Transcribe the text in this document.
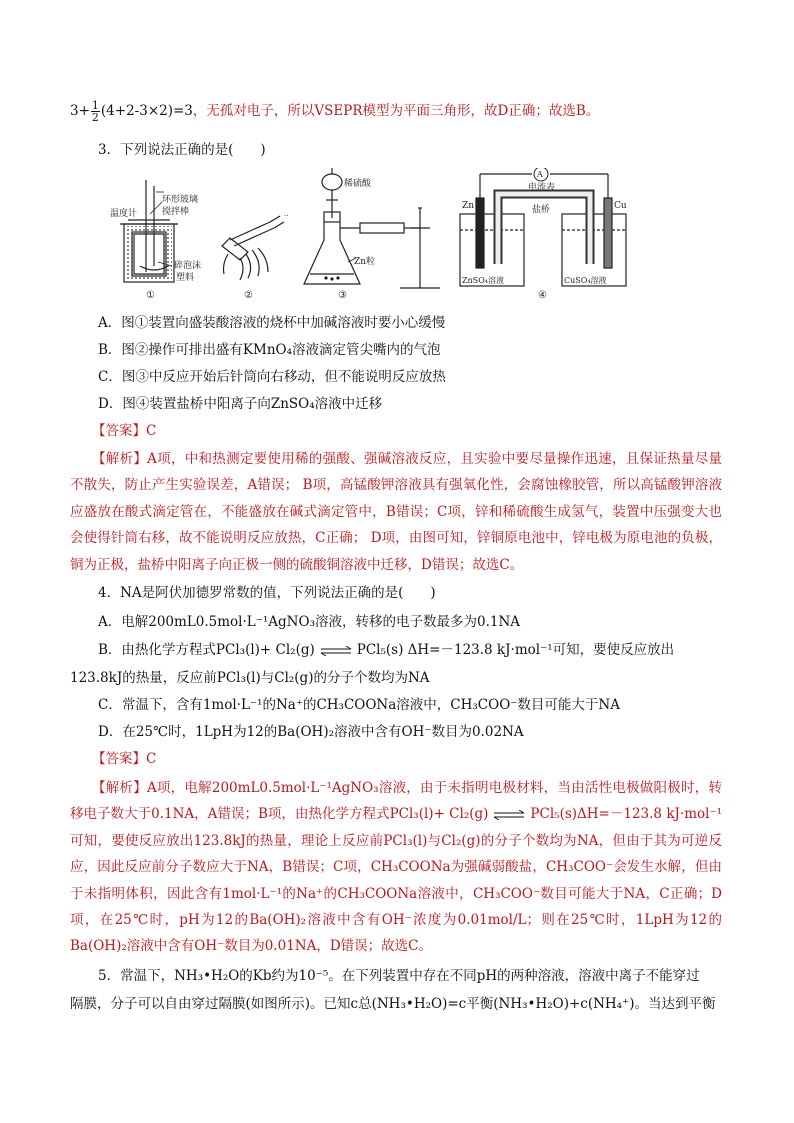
$3+ \frac{1}{2} (4+2-3\times 2)=3$，无孤对电子，所以VSEPR模型为平面三角形，故D正确；故选B。
3．下列说法正确的是(　　)
··
温度计
环形玻璃
搅拌棒
碎泡沫
塑料
①	②
稀硫酸
Zn粒
③
A
电流表
盐桥
Zn	Cu
ZnSO₄溶液	CuSO₄溶液
④
A．图①装置向盛装酸溶液的烧杯中加碱溶液时要小心缓慢
B．图②操作可排出盛有KMnO₄溶液滴定管尖嘴内的气泡
C．图③中反应开始后针筒向右移动，但不能说明反应放热
D．图④装置盐桥中阳离子向ZnSO₄溶液中迁移
【答案】C
【解析】A项，中和热测定要使用稀的强酸、强碱溶液反应，且实验中要尽量操作迅速，且保证热量尽量不散失，防止产生实验误差，A错误； B项，高锰酸钾溶液具有强氧化性，会腐蚀橡胶管，所以高锰酸钾溶液应盛放在酸式滴定管在，不能盛放在碱式滴定管中，B错误；C项，锌和稀硫酸生成氢气，装置中压强变大也会使得针筒右移，故不能说明反应放热，C正确； D项，由图可知，锌铜原电池中，锌电极为原电池的负极，铜为正极，盐桥中阳离子向正极一侧的硫酸铜溶液中迁移，D错误；故选C。
4．NA是阿伏加德罗常数的值，下列说法正确的是(　　)
A．电解200mL0.5mol·L⁻¹AgNO₃溶液，转移的电子数最多为0.1NA
B．由热化学方程式PCl₃(l)+ Cl₂(g) ⇌ PCl₅(s) ΔH=－123.8 kJ·mol⁻¹可知，要使反应放出
123.8kJ的热量，反应前PCl₃(l)与Cl₂(g)的分子个数均为NA
C．常温下，含有1mol·L⁻¹的Na⁺的CH₃COONa溶液中，CH₃COO⁻数目可能大于NA
D．在25℃时，1LpH为12的Ba(OH)₂溶液中含有OH⁻数目为0.02NA
【答案】C
【解析】A项，电解200mL0.5mol·L⁻¹AgNO₃溶液，由于未指明电极材料，当由活性电极做阳极时，转移电子数大于0.1NA，A错误；B项，由热化学方程式PCl₃(l)+ Cl₂(g) ⇌ PCl₅(s)ΔH=－123.8 kJ·mol⁻¹可知，要使反应放出123.8kJ的热量，理论上反应前PCl₃(l)与Cl₂(g)的分子个数均为NA，但由于其为可逆反应，因此反应前分子数应大于NA，B错误；C项，CH₃COONa为强碱弱酸盐，CH₃COO⁻会发生水解，但由于未指明体积，因此含有1mol·L⁻¹的Na⁺的CH₃COONa溶液中，CH₃COO⁻数目可能大于NA，C正确；D项，在25℃时，pH为12的Ba(OH)₂溶液中含有OH⁻浓度为0.01mol/L；则在25℃时，1LpH为12的Ba(OH)₂溶液中含有OH⁻数目为0.01NA，D错误；故选C。
5．常温下，NH₃•H₂O的Kb约为10⁻⁵。在下列装置中存在不同pH的两种溶液，溶液中离子不能穿过
隔膜，分子可以自由穿过隔膜(如图所示)。已知c总(NH₃•H₂O)=c平衡(NH₃•H₂O)+c(NH₄⁺)。当达到平衡
